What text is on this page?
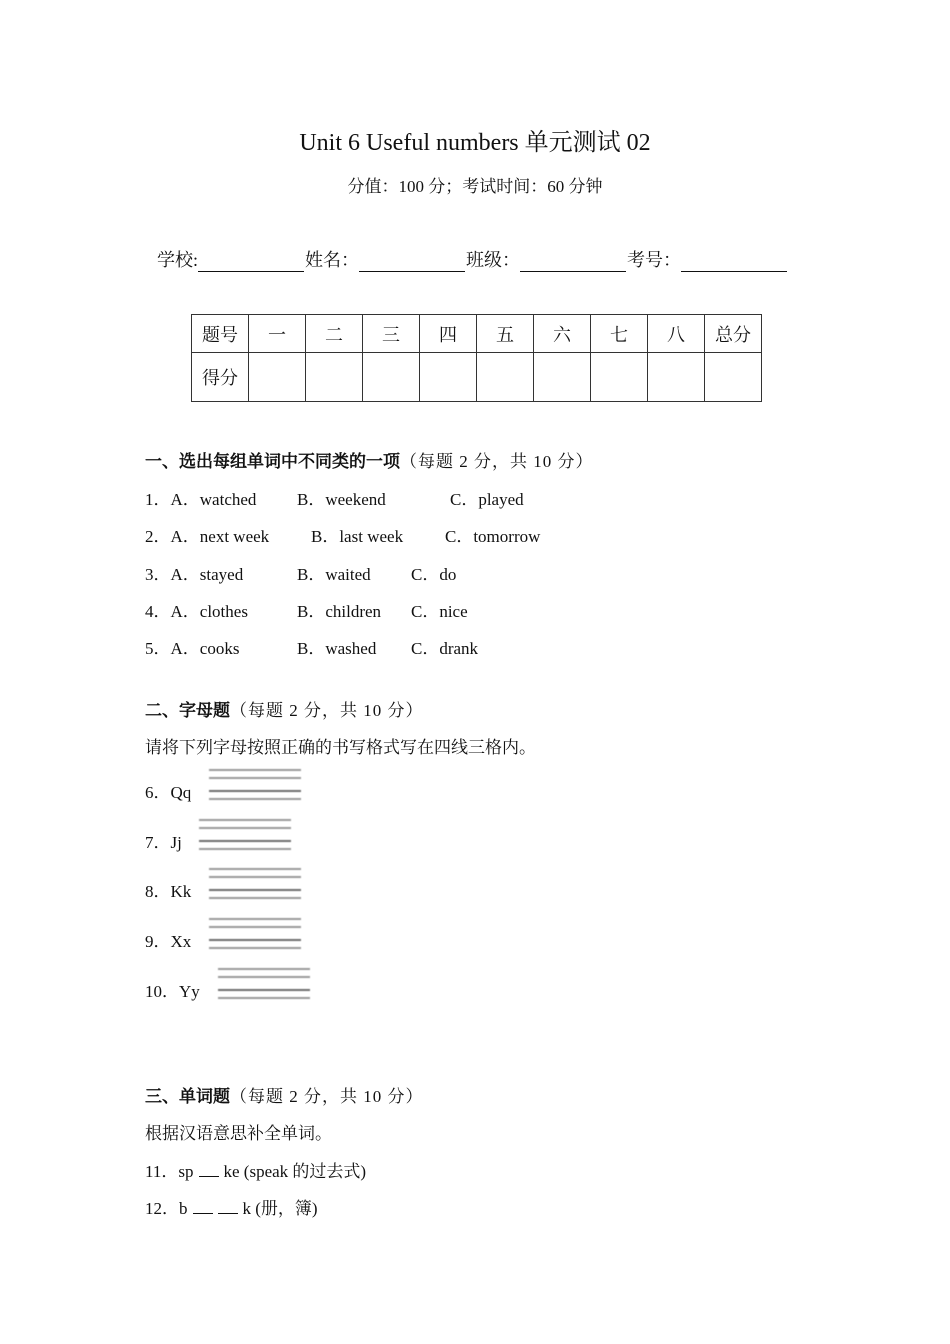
Unit 6 Useful numbers 单元测试 02
分值：100 分；考试时间：60 分钟
学校:	姓名：	班级：	考号：
题号	一	二	三	四	五	六	七	八	总分
得分									
一、选出每组单词中不同类的一项（每题 2 分，共 10 分）
1．A．watched B．weekend	C．played
2．A．next week B．last week C．tomorrow
3．A．stayed	B．waited C．do
4．A．clothes	B．children C．nice
5．A．cooks	B．washed C．drank
二、字母题（每题 2 分，共 10 分）
请将下列字母按照正确的书写格式写在四线三格内。
6．Qq
7．Jj
8．Kk
9．Xx
10．Yy
三、单词题（每题 2 分，共 10 分）
根据汉语意思补全单词。
11．sp ke (speak 的过去式)
12．b	k (册，簿)
